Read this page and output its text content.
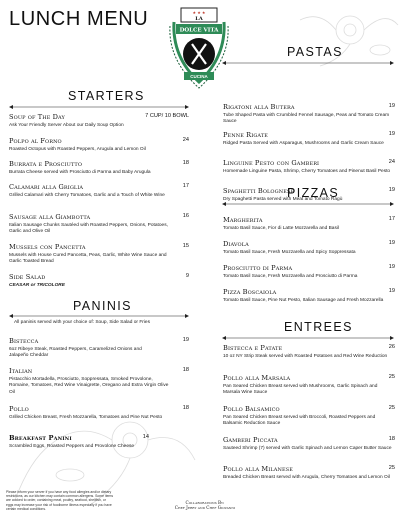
LUNCH MENU	★ ★ ★
LA
DOLCE VITA
CUCINA
STARTERS
Soup of The Day	7 CUP/ 10 BOWL
Ask Your Friendly Server About our Daily Soup Option
Polpo al Forno	24
Roasted Octopus with Roasted Peppers, Arugula and Lemon Oil
Burrata e Prosciutto	18
Burrata Cheese served with Prosciutto di Parma and Baby Arugula
Calamari alla Griglia	17
Grilled Calamari with Cherry Tomatoes, Garlic and a Touch of White Wine
Sausage alla Giambotta	16
Italian Sausage Chunks Sautéed with Roasted Peppers, Onions, Potatoes, Garlic and Olive Oil
Mussels con Pancetta	15
Mussels with House Cured Pancetta, Peas, Garlic, White Wine Sauce and Garlic Toasted Bread
Side Salad	9
CEASAR or TRICOLORE
PANINIS
All paninis served with your choice of: Soup, Side Salad or Fries
Bistecca	19
6oz Ribeye Steak, Roasted Peppers, Caramelized Onions and Jalapeño Cheddar
Italian	18
Pistacchio Mortadella, Prosciutto, Soppressata, Smoked Provolone, Romaine, Tomatoes, Red Wine Vinaigrette, Oregano and Extra Virgin Olive Oil
Pollo	18
Grilled Chicken Breast, Fresh Mozzarella, Tomatoes and Pine Nut Pesto
Breakfast Panini	14
Scrambled Eggs, Roasted Peppers and Provolone Cheese
Please inform your server if you have any food allergies and/or dietary restrictions, as our kitchen may contain common allergens. Some items are cooked to order, containing meat, poultry, seafood, shellfish, or eggs may increase your risk of foodborne illness especially if you have certain medical conditions.
PASTAS
Rigatoni alla Butera	19
Tube Shaped Pasta with Crumbled Fennel Sausage, Peas and Tomato Cream Sauce
Penne Rigate	19
Ridged Pasta Served with Asparagus, Mushrooms and Garlic Cream Sauce
Linguine Pesto con Gamberi	24
Homemade Linguine Pasta, Shrimp, Cherry Tomatoes and Pinenut Basil Pesto
Spaghetti Bolognese	19
Dry Spaghetti Pasta served with Meat and Tomato Ragù
PIZZAS
Margherita	17
Tomato Basil Sauce, Fior di Latte Mozzarella and Basil
Diavola	19
Tomato Basil Sauce, Fresh Mozzarella and Spicy Soppressata
Prosciutto di Parma	19
Tomato Basil Sauce, Fresh Mozzarella and Prosciutto di Parma
Pizza Boscaiola	19
Tomato Basil Sauce, Pine Nut Pesto, Italian Sausage and Fresh Mozzarella
ENTREES
Bistecca e Patate	26
10 oz NY Strip Steak served with Roasted Potatoes and Red Wine Reduction
Pollo alla Marsala	25
Pan Seared Chicken Breast served with Mushrooms, Garlic Spinach and Marsala Wine Sauce
Pollo Balsamico	25
Pan Seared Chicken Breast served with Broccoli, Roasted Peppers and Balsamic Reduction Sauce
Gamberi Piccata	18
Sauteed Shrimp (7) served with Garlic Spinach and Lemon Caper Butter Sauce
Pollo alla Milanese	25
Breaded Chicken Breast served with Arugula, Cherry Tomatoes and Lemon Oil
Collaborations By:
Chef Jerry and Chef Giovanni
